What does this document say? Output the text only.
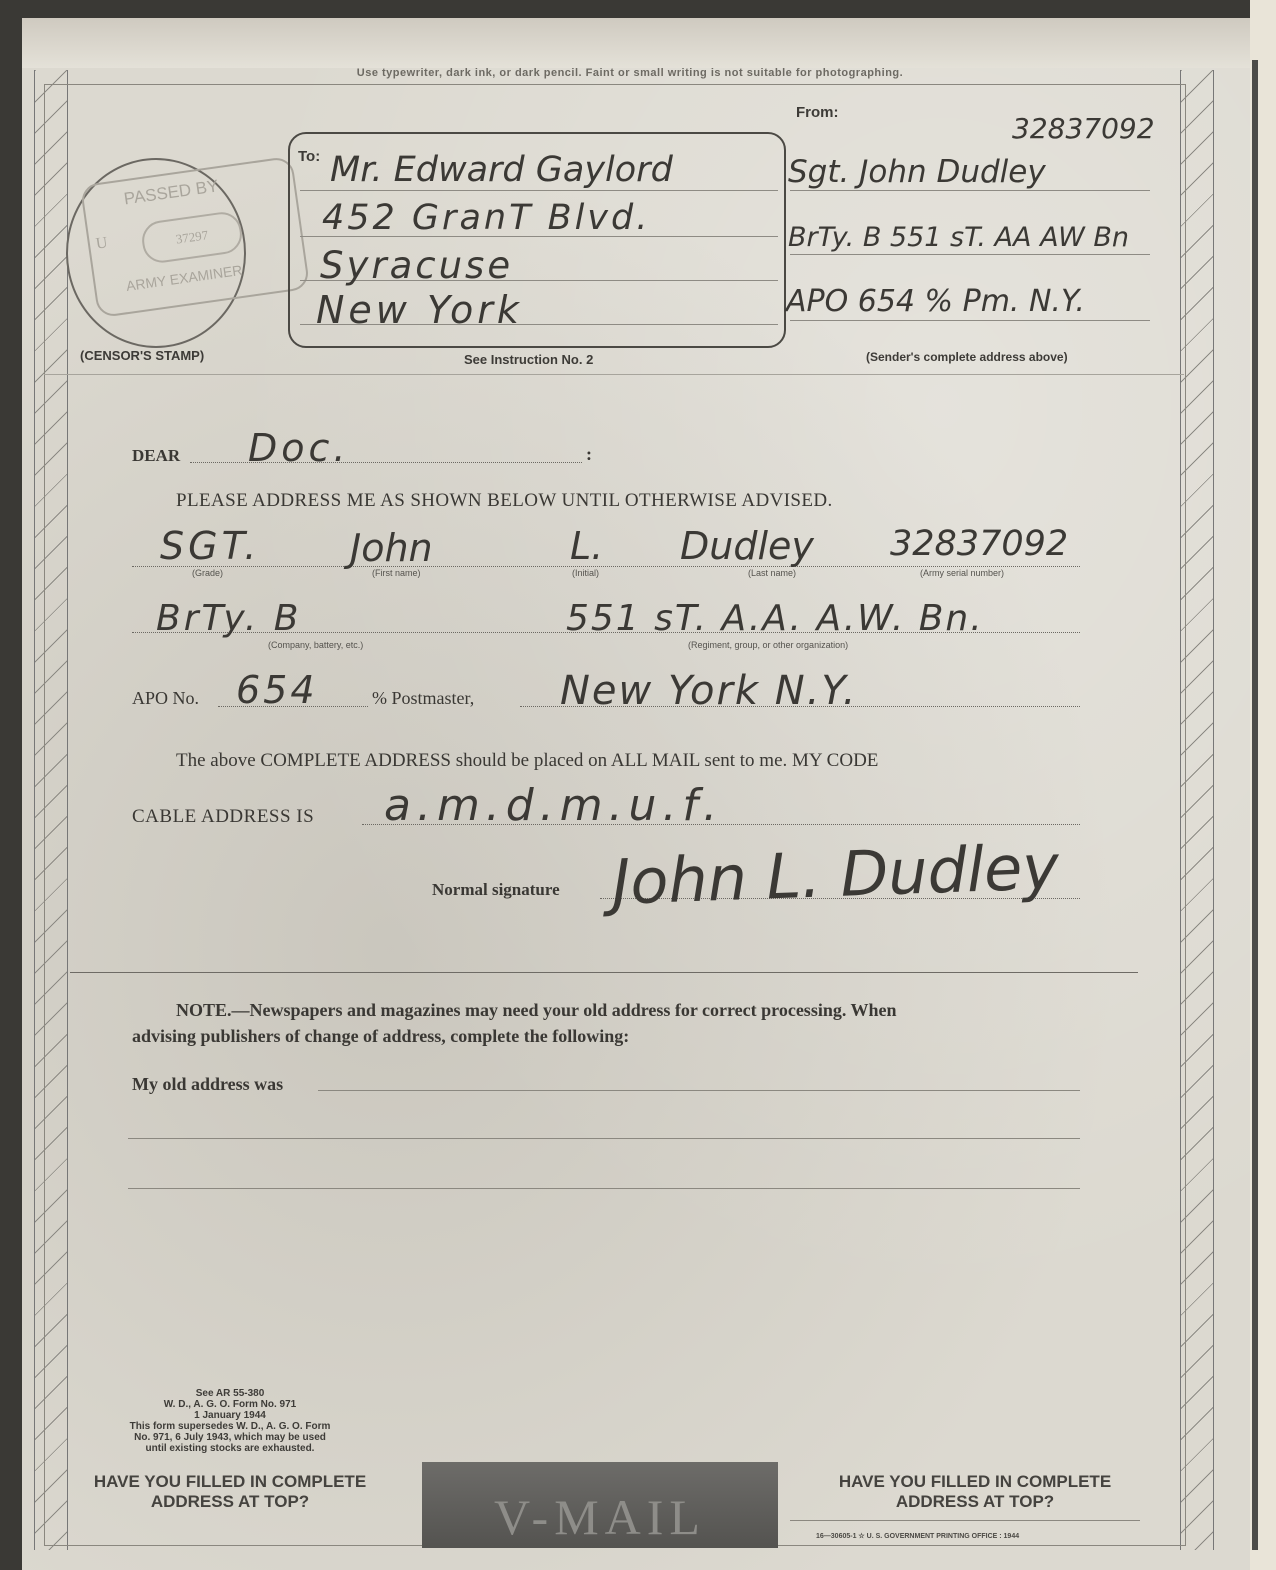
Use typewriter, dark ink, or dark pencil. Faint or small writing is not suitable for photographing.
PASSED BY
U	37297
ARMY EXAMINER
(CENSOR'S STAMP)
To: Mr. Edward Gaylord
452 GranT Blvd.
Syracuse
New York
See Instruction No. 2
From:	32837092
Sgt. John Dudley
BrTy. B 551 sT. AA AW Bn
APO 654 % Pm. N.Y.
(Sender's complete address above)
DEAR Doc.	:
PLEASE ADDRESS ME AS SHOWN BELOW UNTIL OTHERWISE ADVISED.
SGT.
(Grade)
John
(First name)
L.
(Initial)
Dudley
(Last name)
32837092
(Army serial number)
BrTy. B
(Company, battery, etc.)
551 sT. A.A. A.W. Bn.
(Regiment, group, or other organization)
APO No. 654	% Postmaster, New York N.Y.
The above COMPLETE ADDRESS should be placed on ALL MAIL sent to me. MY CODE
CABLE ADDRESS IS a.m.d.m.u.f.
Normal signature John L. Dudley
NOTE.—Newspapers and magazines may need your old address for correct processing. When
advising publishers of change of address, complete the following:
My old address was
See AR 55-380
W. D., A. G. O. Form No. 971
1 January 1944
This form supersedes W. D., A. G. O. Form
No. 971, 6 July 1943, which may be used
until existing stocks are exhausted.
HAVE YOU FILLED IN COMPLETE ADDRESS AT TOP?	V-MAIL
HAVE YOU FILLED IN COMPLETE ADDRESS AT TOP?
16—30605-1 ☆ U. S. GOVERNMENT PRINTING OFFICE : 1944
